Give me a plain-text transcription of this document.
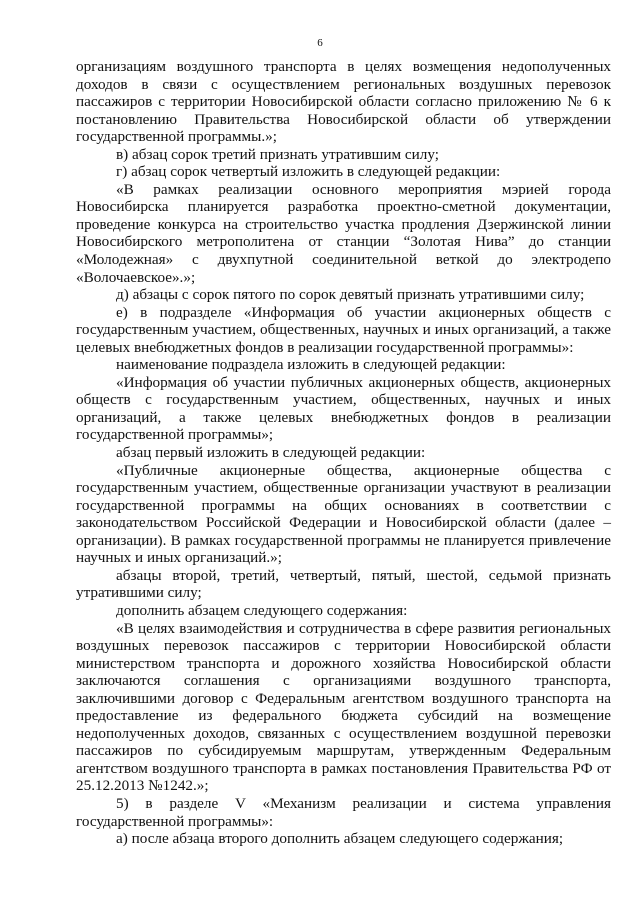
6

организациям воздушного транспорта в целях возмещения недополученных доходов в связи с осуществлением региональных воздушных перевозок пассажиров с территории Новосибирской области согласно приложению № 6 к постановлению Правительства Новосибирской области об утверждении государственной программы.»;

в) абзац сорок третий признать утратившим силу;

г) абзац сорок четвертый изложить в следующей редакции:

«В рамках реализации основного мероприятия мэрией города Новосибирска планируется разработка проектно-сметной документации, проведение конкурса на строительство участка продления Дзержинской линии Новосибирского метрополитена от станции “Золотая Нива” до станции «Молодежная» с двухпутной соединительной веткой до электродепо «Волочаевское».»;

д) абзацы с сорок пятого по сорок девятый признать утратившими силу;

е) в подразделе «Информация об участии акционерных обществ с государственным участием, общественных, научных и иных организаций, а также целевых внебюджетных фондов в реализации государственной программы»:

наименование подраздела изложить в следующей редакции:

«Информация об участии публичных акционерных обществ, акционерных обществ с государственным участием, общественных, научных и иных организаций, а также целевых внебюджетных фондов в реализации государственной программы»;

абзац первый изложить в следующей редакции:

«Публичные акционерные общества, акционерные общества с государственным участием, общественные организации участвуют в реализации государственной программы на общих основаниях в соответствии с законодательством Российской Федерации и Новосибирской области (далее – организации). В рамках государственной программы не планируется привлечение научных и иных организаций.»;

абзацы второй, третий, четвертый, пятый, шестой, седьмой признать утратившими силу;

дополнить абзацем следующего содержания:

«В целях взаимодействия и сотрудничества в сфере развития региональных воздушных перевозок пассажиров с территории Новосибирской области министерством транспорта и дорожного хозяйства Новосибирской области заключаются соглашения с организациями воздушного транспорта, заключившими договор с Федеральным агентством воздушного транспорта на предоставление из федерального бюджета субсидий на возмещение недополученных доходов, связанных с осуществлением воздушной перевозки пассажиров по субсидируемым маршрутам, утвержденным Федеральным агентством воздушного транспорта в рамках постановления Правительства РФ от 25.12.2013 №1242.»;

5) в разделе V «Механизм реализации и система управления государственной программы»:

а) после абзаца второго дополнить абзацем следующего содержания;
